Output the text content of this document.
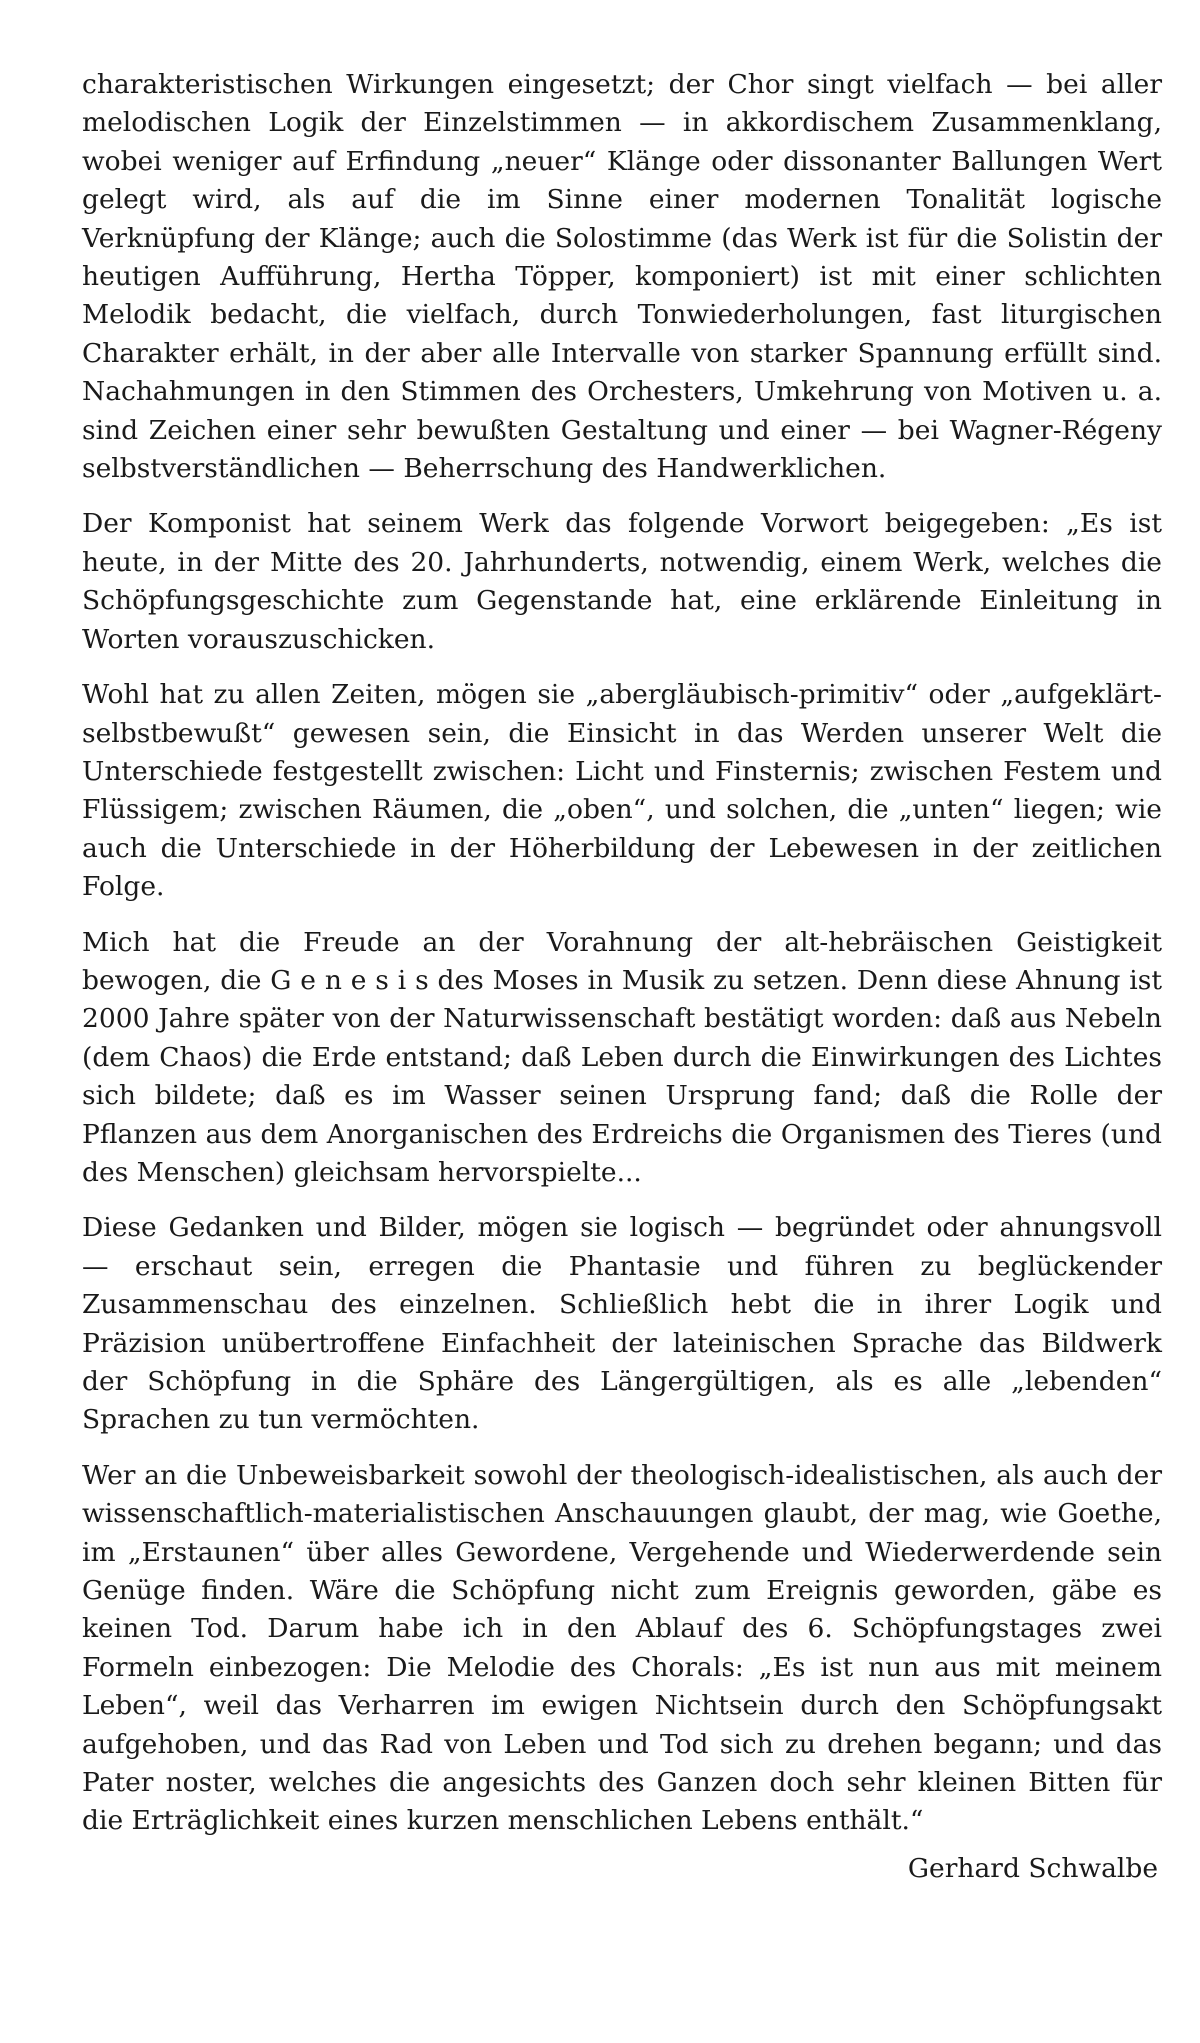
charakteristischen Wirkungen eingesetzt; der Chor singt vielfach — bei aller melodischen Logik der Einzelstimmen — in akkordischem Zusammenklang, wobei weniger auf Erfindung „neuer“ Klänge oder dissonanter Ballungen Wert gelegt wird, als auf die im Sinne einer modernen Tonalität logische Verknüpfung der Klänge; auch die Solostimme (das Werk ist für die Solistin der heutigen Aufführung, Hertha Töpper, komponiert) ist mit einer schlichten Melodik bedacht, die vielfach, durch Tonwiederholungen, fast liturgischen Charakter erhält, in der aber alle Intervalle von starker Spannung erfüllt sind. Nachahmungen in den Stimmen des Orchesters, Umkehrung von Motiven u. a. sind Zeichen einer sehr bewußten Gestaltung und einer — bei Wagner-Régeny selbstverständlichen — Beherrschung des Handwerklichen.

Der Komponist hat seinem Werk das folgende Vorwort beigegeben: „Es ist heute, in der Mitte des 20. Jahrhunderts, notwendig, einem Werk, welches die Schöpfungsgeschichte zum Gegenstande hat, eine erklärende Einleitung in Worten vorauszuschicken.

Wohl hat zu allen Zeiten, mögen sie „abergläubisch-primitiv“ oder „aufgeklärt-selbstbewußt“ gewesen sein, die Einsicht in das Werden unserer Welt die Unterschiede festgestellt zwischen: Licht und Finsternis; zwischen Festem und Flüssigem; zwischen Räumen, die „oben“, und solchen, die „unten“ liegen; wie auch die Unterschiede in der Höherbildung der Lebewesen in der zeitlichen Folge.

Mich hat die Freude an der Vorahnung der alt-hebräischen Geistigkeit bewogen, die G e n e s i s des Moses in Musik zu setzen. Denn diese Ahnung ist 2000 Jahre später von der Naturwissenschaft bestätigt worden: daß aus Nebeln (dem Chaos) die Erde entstand; daß Leben durch die Einwirkungen des Lichtes sich bildete; daß es im Wasser seinen Ursprung fand; daß die Rolle der Pflanzen aus dem Anorganischen des Erdreichs die Organismen des Tieres (und des Menschen) gleichsam hervorspielte...

Diese Gedanken und Bilder, mögen sie logisch — begründet oder ahnungsvoll — erschaut sein, erregen die Phantasie und führen zu beglückender Zusammenschau des einzelnen. Schließlich hebt die in ihrer Logik und Präzision unübertroffene Einfachheit der lateinischen Sprache das Bildwerk der Schöpfung in die Sphäre des Längergültigen, als es alle „lebenden“ Sprachen zu tun vermöchten.

Wer an die Unbeweisbarkeit sowohl der theologisch-idealistischen, als auch der wissenschaftlich-materialistischen Anschauungen glaubt, der mag, wie Goethe, im „Erstaunen“ über alles Gewordene, Vergehende und Wiederwerdende sein Genüge finden. Wäre die Schöpfung nicht zum Ereignis geworden, gäbe es keinen Tod. Darum habe ich in den Ablauf des 6. Schöpfungstages zwei Formeln einbezogen: Die Melodie des Chorals: „Es ist nun aus mit meinem Leben“, weil das Verharren im ewigen Nichtsein durch den Schöpfungsakt aufgehoben, und das Rad von Leben und Tod sich zu drehen begann; und das Pater noster, welches die angesichts des Ganzen doch sehr kleinen Bitten für die Erträglichkeit eines kurzen menschlichen Lebens enthält.“

Gerhard Schwalbe
